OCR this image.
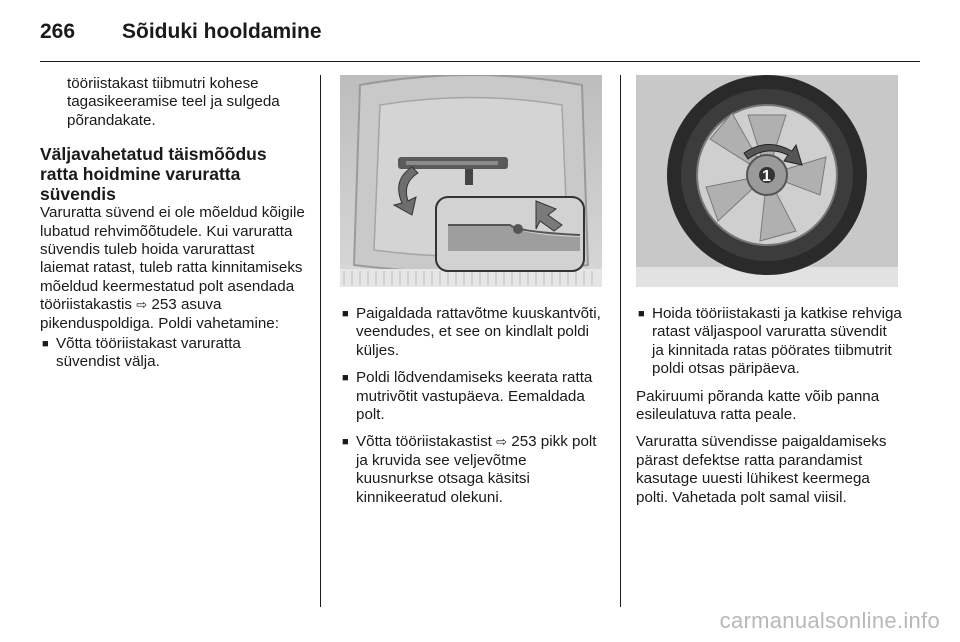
266	Sõiduki hooldamine

tööriistakast tiibmutri kohese tagasikeeramise teel ja sulgeda põrandakate.

Väljavahetatud täismõõdus ratta hoidmine varuratta süvendis

Varuratta süvend ei ole mõeldud kõigile lubatud rehvimõõtudele. Kui varuratta süvendis tuleb hoida varurattast laiemat ratast, tuleb ratta kinnitamiseks mõeldud keermestatud polt asendada tööriistakastis ⇨ 253 asuva pikenduspoldiga. Poldi vahetamine:

■ Võtta tööriistakast varuratta süvendist välja.

■ Paigaldada rattavõtme kuuskantvõti, veendudes, et see on kindlalt poldi küljes.

■ Poldi lõdvendamiseks keerata ratta mutrivõtit vastupäeva. Eemaldada polt.

■ Võtta tööriistakastist ⇨ 253 pikk polt ja kruvida see veljevõtme kuusnurkse otsaga käsitsi kinnikeeratud olekuni.

1

■ Hoida tööriistakasti ja katkise rehviga ratast väljaspool varuratta süvendit ja kinnitada ratas pöörates tiibmutrit poldi otsas päripäeva.

Pakiruumi põranda katte võib panna esileulatuva ratta peale.

Varuratta süvendisse paigaldamiseks pärast defektse ratta parandamist kasutage uuesti lühikest keermega polti. Vahetada polt samal viisil.

carmanualsonline.info
